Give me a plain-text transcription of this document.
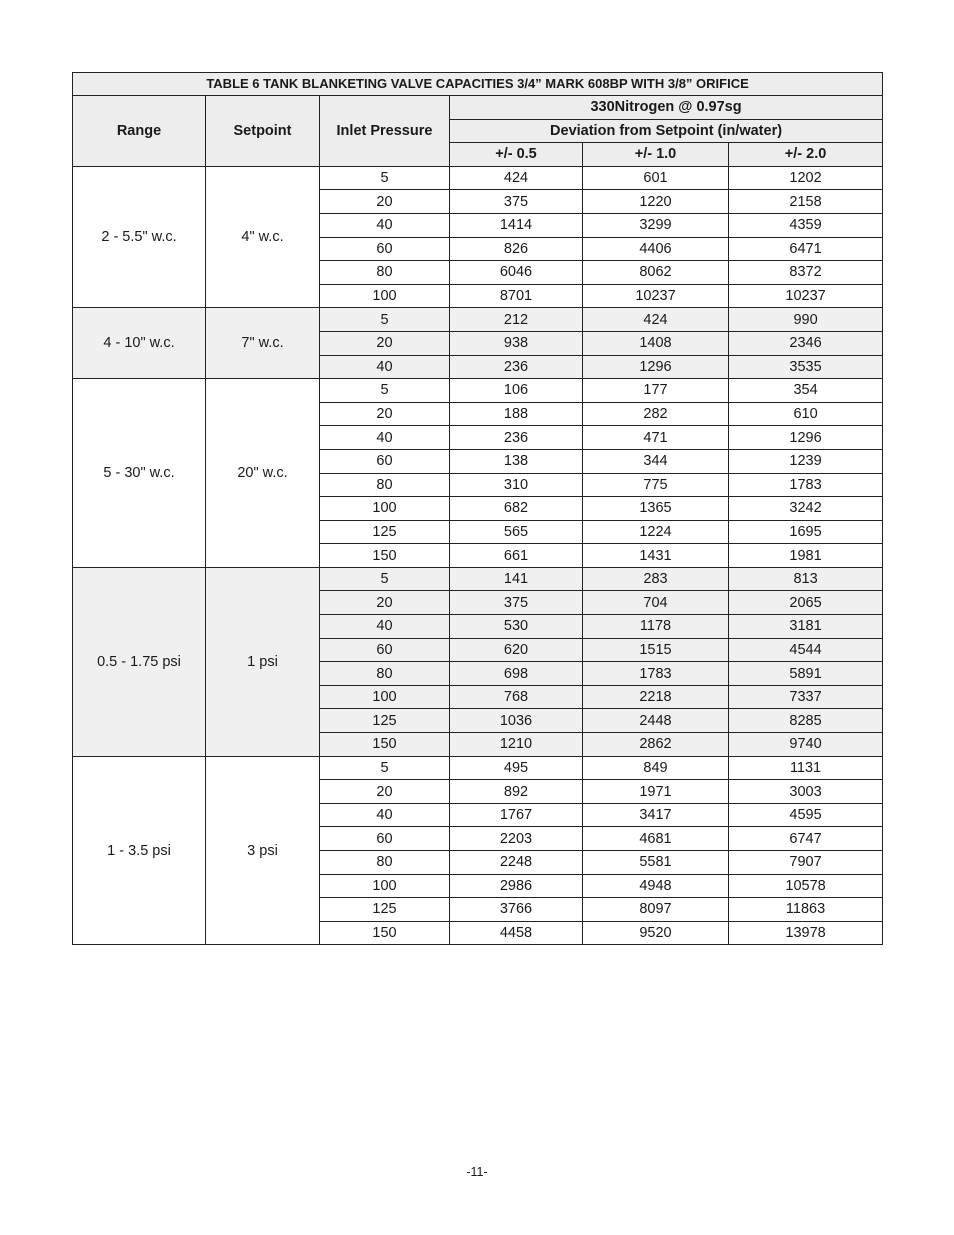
TABLE 6 TANK BLANKETING VALVE CAPACITIES 3/4” MARK 608BP WITH 3/8” ORIFICE					
Range	Setpoint	Inlet Pressure	330Nitrogen @ 0.97sg		
			Deviation from Setpoint (in/water)		
			+/- 0.5	+/- 1.0	+/- 2.0
2 - 5.5" w.c.	4" w.c.	5	424	601	1202
		20	375	1220	2158
		40	1414	3299	4359
		60	826	4406	6471
		80	6046	8062	8372
		100	8701	10237	10237
4 - 10" w.c.	7" w.c.	5	212	424	990
		20	938	1408	2346
		40	236	1296	3535
5 - 30" w.c.	20" w.c.	5	106	177	354
		20	188	282	610
		40	236	471	1296
		60	138	344	1239
		80	310	775	1783
		100	682	1365	3242
		125	565	1224	1695
		150	661	1431	1981
0.5 - 1.75 psi	1 psi	5	141	283	813
		20	375	704	2065
		40	530	1178	3181
		60	620	1515	4544
		80	698	1783	5891
		100	768	2218	7337
		125	1036	2448	8285
		150	1210	2862	9740
1 - 3.5 psi	3 psi	5	495	849	1131
		20	892	1971	3003
		40	1767	3417	4595
		60	2203	4681	6747
		80	2248	5581	7907
		100	2986	4948	10578
		125	3766	8097	11863
		150	4458	9520	13978
-11-
